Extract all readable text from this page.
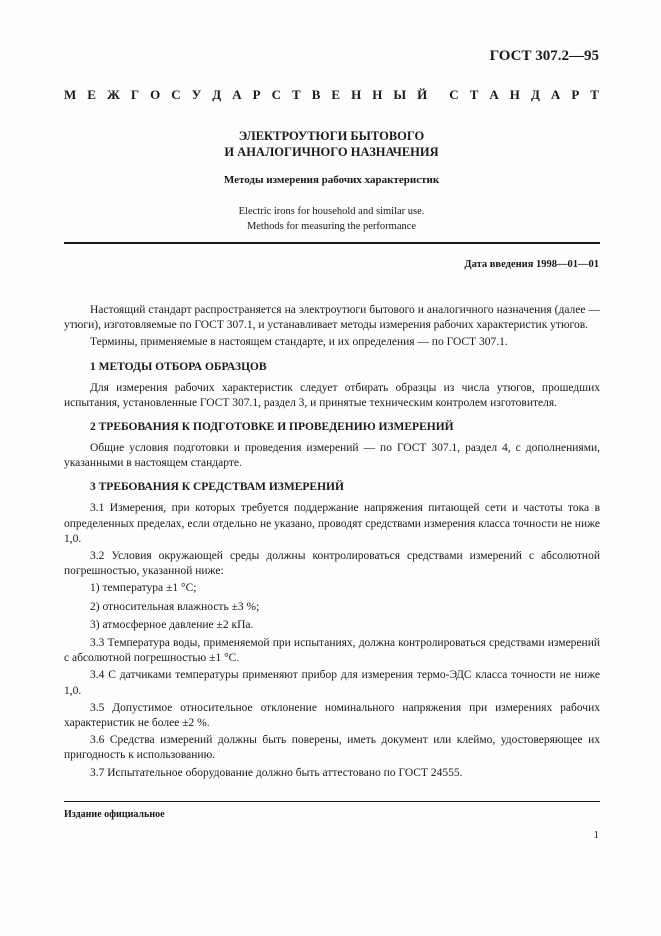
ГОСТ 307.2—95
М Е Ж Г О С У Д А Р С Т В Е Н Н Ы Й С Т А Н Д А Р Т
ЭЛЕКТРОУТЮГИ БЫТОВОГО
И АНАЛОГИЧНОГО НАЗНАЧЕНИЯ
Методы измерения рабочих характеристик
Electric irons for household and similar use.
Methods for measuring the performance
Дата введения 1998—01—01

Настоящий стандарт распространяется на электроутюги бытового и аналогичного назначения (далее — утюги), изготовляемые по ГОСТ 307.1, и устанавливает методы измерения рабочих характеристик утюгов.

Термины, применяемые в настоящем стандарте, и их определения — по ГОСТ 307.1.

1 МЕТОДЫ ОТБОРА ОБРАЗЦОВ

Для измерения рабочих характеристик следует отбирать образцы из числа утюгов, прошедших испытания, установленные ГОСТ 307.1, раздел 3, и принятые техническим контролем изготовителя.

2 ТРЕБОВАНИЯ К ПОДГОТОВКЕ И ПРОВЕДЕНИЮ ИЗМЕРЕНИЙ

Общие условия подготовки и проведения измерений — по ГОСТ 307.1, раздел 4, с дополнениями, указанными в настоящем стандарте.

3 ТРЕБОВАНИЯ К СРЕДСТВАМ ИЗМЕРЕНИЙ

3.1 Измерения, при которых требуется поддержание напряжения питающей сети и частоты тока в определенных пределах, если отдельно не указано, проводят средствами измерения класса точности не ниже 1,0.

3.2 Условия окружающей среды должны контролироваться средствами измерений с абсолютной погрешностью, указанной ниже:

1) температура ±1 °С;
2) относительная влажность ±3 %;
3) атмосферное давление ±2 кПа.

3.3 Температура воды, применяемой при испытаниях, должна контролироваться средствами измерений с абсолютной погрешностью ±1 °С.

3.4 С датчиками температуры применяют прибор для измерения термо-ЭДС класса точности не ниже 1,0.

3.5 Допустимое относительное отклонение номинального напряжения при измерениях рабочих характеристик не более ±2 %.

3.6 Средства измерений должны быть поверены, иметь документ или клеймо, удостоверяющее их пригодность к использованию.

3.7 Испытательное оборудование должно быть аттестовано по ГОСТ 24555.

Издание официальное
1
